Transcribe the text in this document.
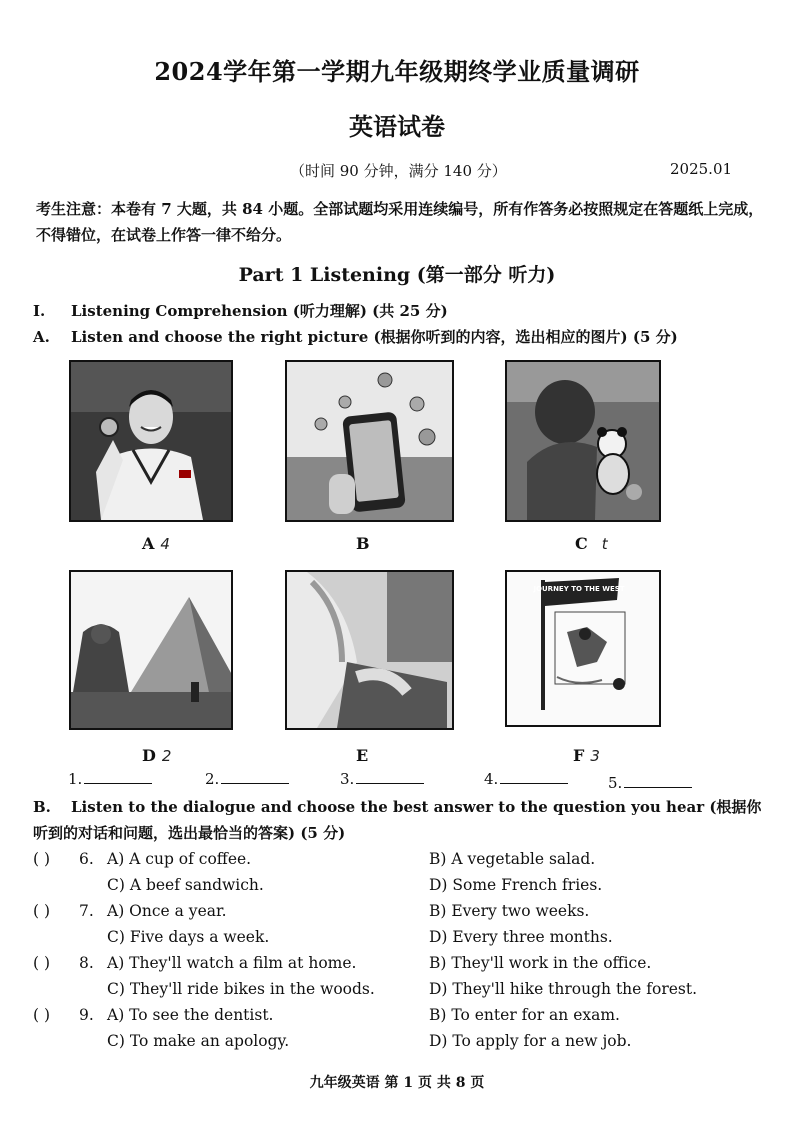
2024学年第一学期九年级期终学业质量调研
英语试卷
（时间 90 分钟，满分 140 分）	2025.01
考生注意：本卷有 7 大题，共 84 小题。全部试题均采用连续编号，所有作答务必按照规定在答题纸上完成，不得错位，在试卷上作答一律不给分。
Part 1 Listening (第一部分 听力)
I. Listening Comprehension (听力理解) (共 25 分)
A. Listen and choose the right picture (根据你听到的内容，选出相应的图片) (5 分)
A 4	B	C t
D 2	E
JOURNEY TO THE WEST
F 3
1.	2.	3.	4.	5.
B. Listen to the dialogue and choose the best answer to the question you hear (根据你听到的对话和问题，选出最恰当的答案) (5 分)
( ) 6. A) A cup of coffee.	B) A vegetable salad.
C) A beef sandwich.	D) Some French fries.
( ) 7. A) Once a year.	B) Every two weeks.
C) Five days a week.	D) Every three months.
( ) 8. A) They'll watch a film at home.	B) They'll work in the office.
C) They'll ride bikes in the woods.	D) They'll hike through the forest.
( ) 9. A) To see the dentist.	B) To enter for an exam.
C) To make an apology.	D) To apply for a new job.
九年级英语 第 1 页 共 8 页
